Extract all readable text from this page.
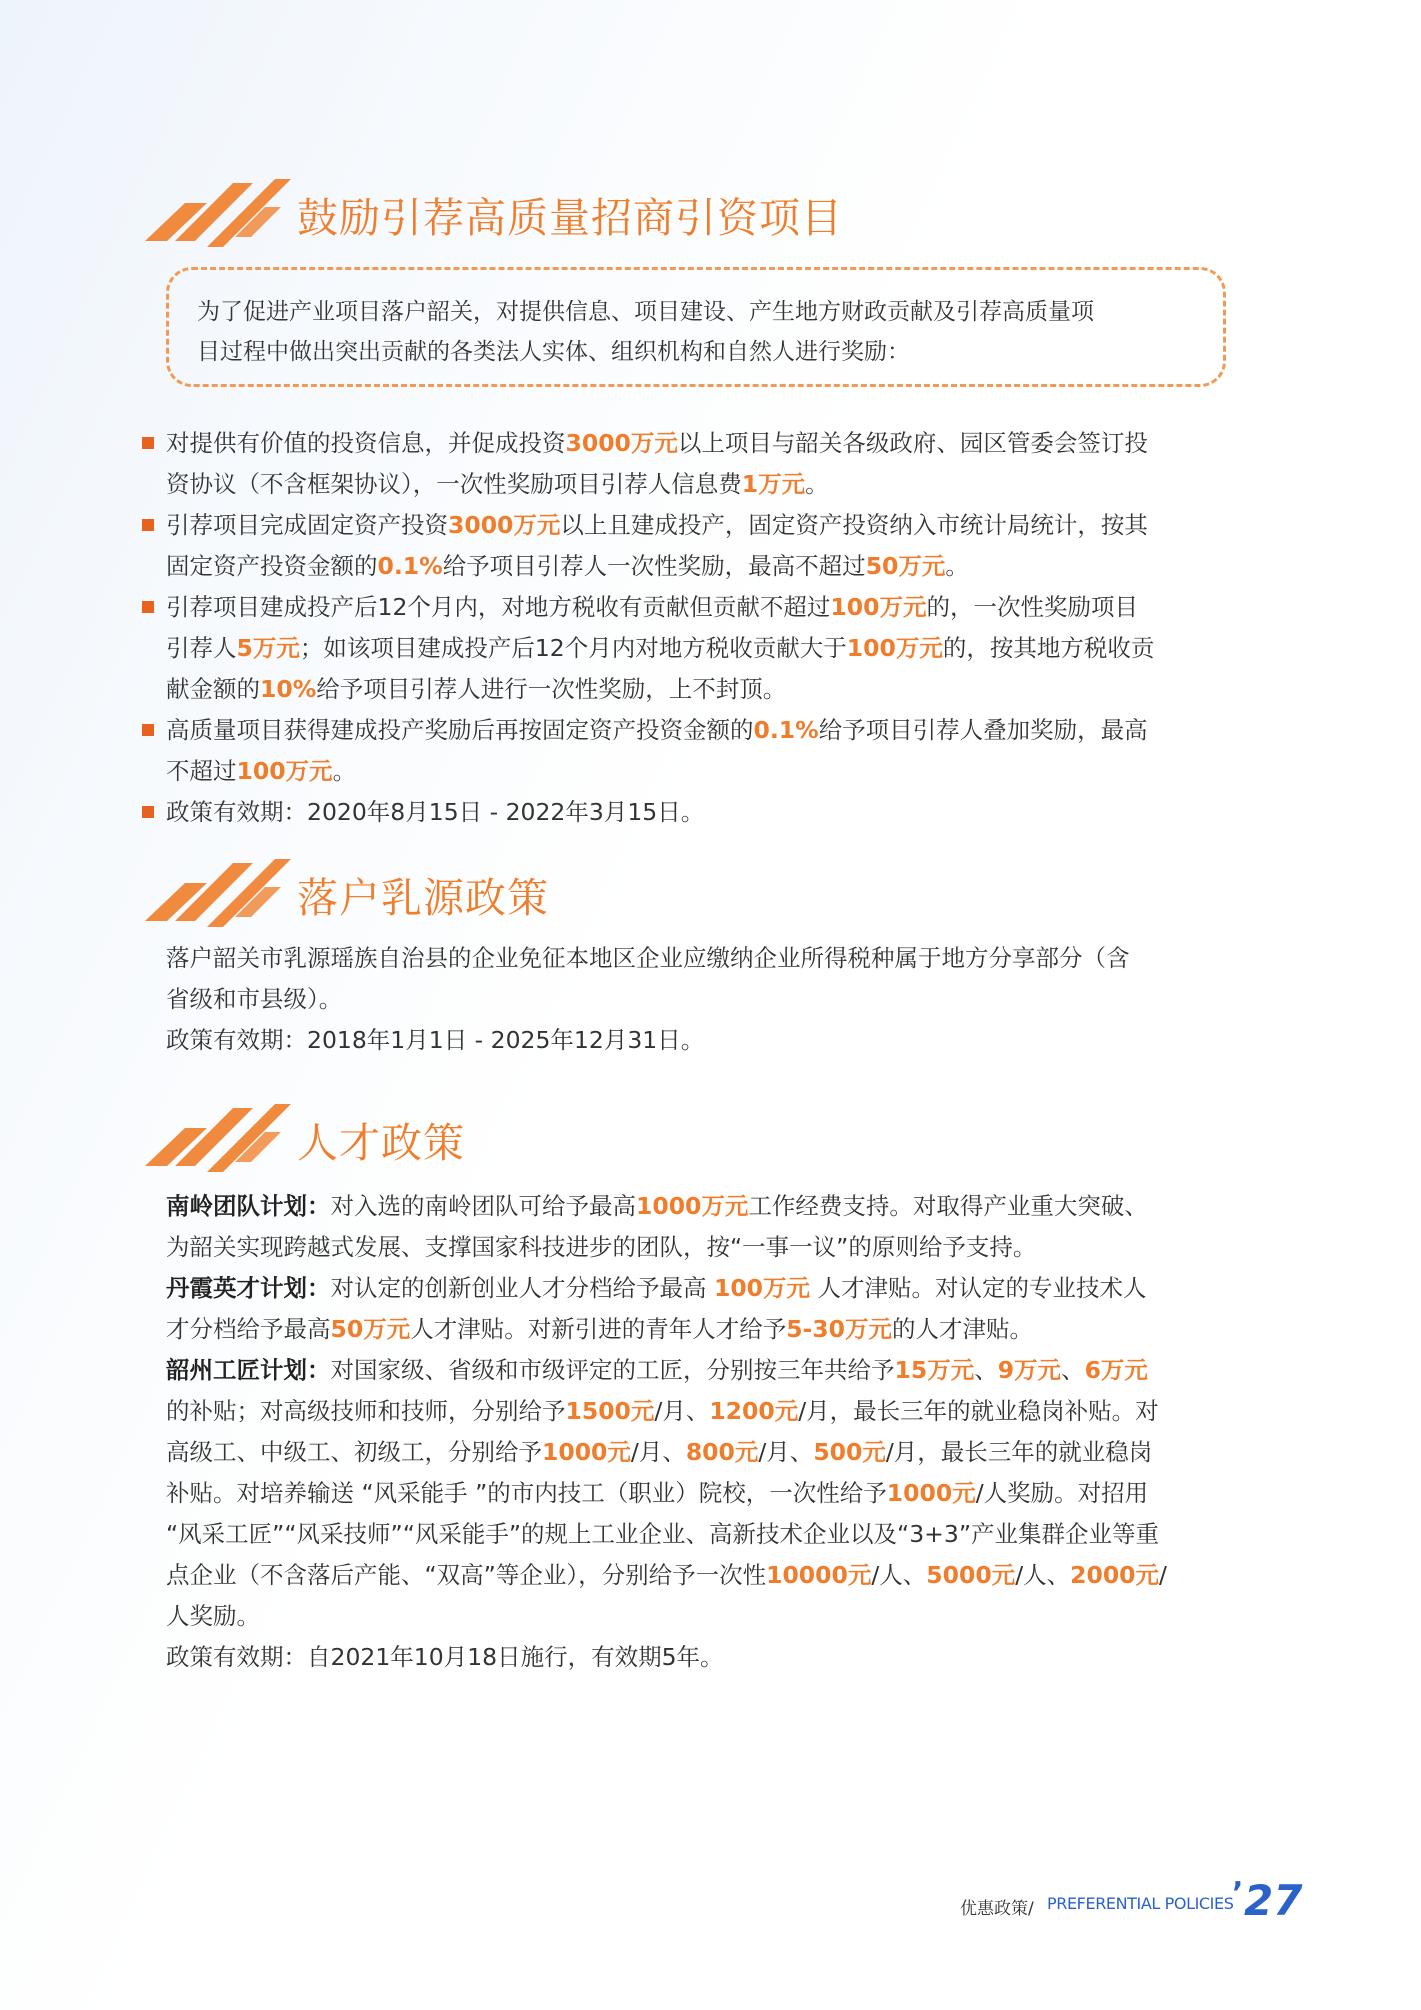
鼓励引荐高质量招商引资项目
为了促进产业项目落户韶关，对提供信息、项目建设、产生地方财政贡献及引荐高质量项
目过程中做出突出贡献的各类法人实体、组织机构和自然人进行奖励：
对提供有价值的投资信息，并促成投资3000万元以上项目与韶关各级政府、园区管委会签订投
资协议（不含框架协议），一次性奖励项目引荐人信息费1万元。
引荐项目完成固定资产投资3000万元以上且建成投产，固定资产投资纳入市统计局统计，按其
固定资产投资金额的0.1%给予项目引荐人一次性奖励，最高不超过50万元。
引荐项目建成投产后12个月内，对地方税收有贡献但贡献不超过100万元的，一次性奖励项目
引荐人5万元；如该项目建成投产后12个月内对地方税收贡献大于100万元的，按其地方税收贡
献金额的10%给予项目引荐人进行一次性奖励，上不封顶。
高质量项目获得建成投产奖励后再按固定资产投资金额的0.1%给予项目引荐人叠加奖励，最高
不超过100万元。
政策有效期：2020年8月15日 - 2022年3月15日。
落户乳源政策
落户韶关市乳源瑶族自治县的企业免征本地区企业应缴纳企业所得税种属于地方分享部分（含
省级和市县级）。
政策有效期：2018年1月1日 - 2025年12月31日。
人才政策
南岭团队计划：对入选的南岭团队可给予最高1000万元工作经费支持。对取得产业重大突破、
为韶关实现跨越式发展、支撑国家科技进步的团队，按“一事一议”的原则给予支持。
丹霞英才计划：对认定的创新创业人才分档给予最高 100万元 人才津贴。对认定的专业技术人
才分档给予最高50万元人才津贴。对新引进的青年人才给予5-30万元的人才津贴。
韶州工匠计划：对国家级、省级和市级评定的工匠，分别按三年共给予15万元、9万元、6万元
的补贴；对高级技师和技师，分别给予1500元/月、1200元/月，最长三年的就业稳岗补贴。对
高级工、中级工、初级工，分别给予1000元/月、800元/月、500元/月，最长三年的就业稳岗
补贴。对培养输送 “风采能手 ”的市内技工（职业）院校，一次性给予1000元/人奖励。对招用
“风采工匠”“风采技师”“风采能手”的规上工业企业、高新技术企业以及“3+3”产业集群企业等重
点企业（不含落后产能、“双高”等企业），分别给予一次性10000元/人、5000元/人、2000元/
人奖励。
政策有效期：自2021年10月18日施行，有效期5年。
优惠政策/ PREFERENTIAL POLICIES
’ 27
